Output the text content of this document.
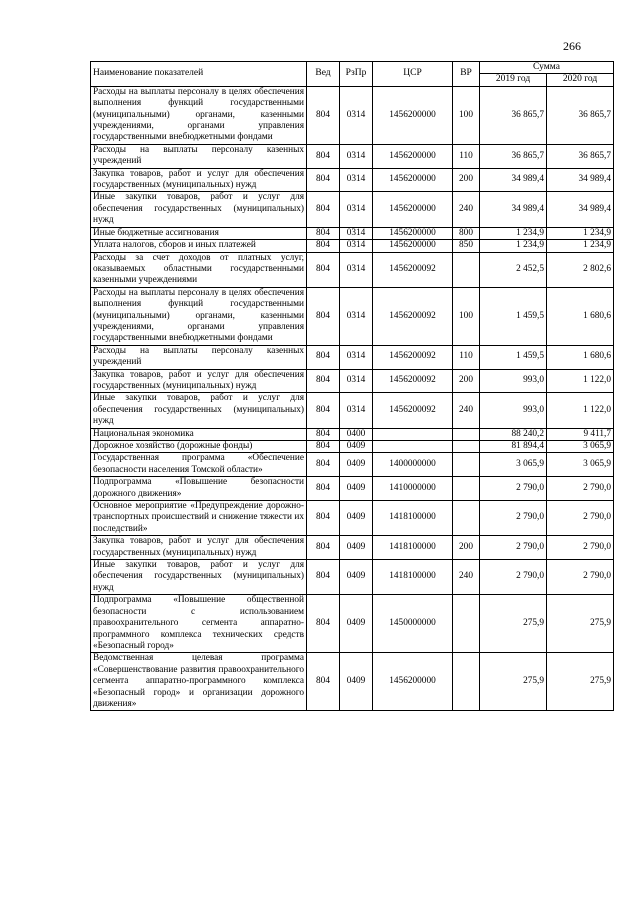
266
Наименование показателей	Вед	РзПр	ЦСР	ВР	Сумма	
					2019 год	2020 год
Расходы на выплаты персоналу в целях обеспечения выполнения функций государственными (муниципальными) органами, казенными учреждениями, органами управления государственными внебюджетными фондами	804	0314	1456200000	100	36 865,7	36 865,7
Расходы на выплаты персоналу казенных учреждений	804	0314	1456200000	110	36 865,7	36 865,7
Закупка товаров, работ и услуг для обеспечения государственных (муниципальных) нужд	804	0314	1456200000	200	34 989,4	34 989,4
Иные закупки товаров, работ и услуг для обеспечения государственных (муниципальных) нужд	804	0314	1456200000	240	34 989,4	34 989,4
Иные бюджетные ассигнования	804	0314	1456200000	800	1 234,9	1 234,9
Уплата налогов, сборов и иных платежей	804	0314	1456200000	850	1 234,9	1 234,9
Расходы за счет доходов от платных услуг, оказываемых областными государственными казенными учреждениями	804	0314	1456200092		2 452,5	2 802,6
Расходы на выплаты персоналу в целях обеспечения выполнения функций государственными (муниципальными) органами, казенными учреждениями, органами управления государственными внебюджетными фондами	804	0314	1456200092	100	1 459,5	1 680,6
Расходы на выплаты персоналу казенных учреждений	804	0314	1456200092	110	1 459,5	1 680,6
Закупка товаров, работ и услуг для обеспечения государственных (муниципальных) нужд	804	0314	1456200092	200	993,0	1 122,0
Иные закупки товаров, работ и услуг для обеспечения государственных (муниципальных) нужд	804	0314	1456200092	240	993,0	1 122,0
Национальная экономика	804	0400			88 240,2	9 411,7
Дорожное хозяйство (дорожные фонды)	804	0409			81 894,4	3 065,9
Государственная программа «Обеспечение безопасности населения Томской области»	804	0409	1400000000		3 065,9	3 065,9
Подпрограмма «Повышение безопасности дорожного движения»	804	0409	1410000000		2 790,0	2 790,0
Основное мероприятие «Предупреждение дорожно-транспортных происшествий и снижение тяжести их последствий»	804	0409	1418100000		2 790,0	2 790,0
Закупка товаров, работ и услуг для обеспечения государственных (муниципальных) нужд	804	0409	1418100000	200	2 790,0	2 790,0
Иные закупки товаров, работ и услуг для обеспечения государственных (муниципальных) нужд	804	0409	1418100000	240	2 790,0	2 790,0
Подпрограмма «Повышение общественной безопасности с использованием правоохранительного сегмента аппаратно-программного комплекса технических средств «Безопасный город»	804	0409	1450000000		275,9	275,9
Ведомственная целевая программа «Совершенствование развития правоохранительного сегмента аппаратно-программного комплекса «Безопасный город» и организации дорожного движения»	804	0409	1456200000		275,9	275,9
